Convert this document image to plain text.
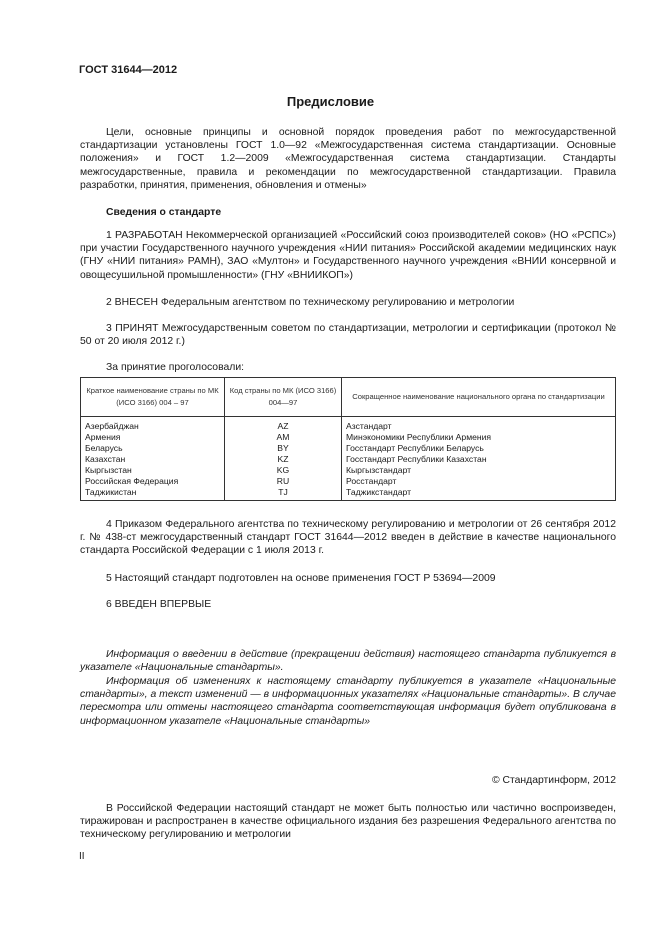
ГОСТ 31644—2012
Предисловие
Цели, основные принципы и основной порядок проведения работ по межгосударственной стандартизации установлены ГОСТ 1.0—92 «Межгосударственная система стандартизации. Основные положения» и ГОСТ 1.2—2009 «Межгосударственная система стандартизации. Стандарты межгосударственные, правила и рекомендации по межгосударственной стандартизации. Правила разработки, принятия, применения, обновления и отмены»
Сведения о стандарте
1 РАЗРАБОТАН Некоммерческой организацией «Российский союз производителей соков» (НО «РСПС») при участии Государственного научного учреждения «НИИ питания» Российской академии медицинских наук (ГНУ «НИИ питания» РАМН), ЗАО «Мултон» и Государственного научного учреждения «ВНИИ консервной и овощесушильной промышленности» (ГНУ «ВНИИКОП»)
2 ВНЕСЕН Федеральным агентством по техническому регулированию и метрологии
3 ПРИНЯТ Межгосударственным советом по стандартизации, метрологии и сертификации (протокол № 50 от 20 июля 2012 г.)
За принятие проголосовали:
Краткое наименование страны по МК (ИСО 3166) 004 – 97	Код страны по МК (ИСО 3166) 004—97	Сокращенное наименование национального органа по стандартизации
Азербайджан	AZ	Азстандарт
Армения	AM	Минэкономики Республики Армения
Беларусь	BY	Госстандарт Республики Беларусь
Казахстан	KZ	Госстандарт Республики Казахстан
Кыргызстан	KG	Кыргызстандарт
Российская Федерация	RU	Росстандарт
Таджикистан	TJ	Таджикстандарт
4 Приказом Федерального агентства по техническому регулированию и метрологии от 26 сентября 2012 г. № 438-ст межгосударственный стандарт ГОСТ 31644—2012 введен в действие в качестве национального стандарта Российской Федерации с 1 июля 2013 г.
5 Настоящий стандарт подготовлен на основе применения ГОСТ Р 53694—2009
6 ВВЕДЕН ВПЕРВЫЕ
Информация о введении в действие (прекращении действия) настоящего стандарта публикуется в указателе «Национальные стандарты».
Информация об изменениях к настоящему стандарту публикуется в указателе «Национальные стандарты», а текст изменений — в информационных указателях «Национальные стандарты». В случае пересмотра или отмены настоящего стандарта соответствующая информация будет опубликована в информационном указателе «Национальные стандарты»
© Стандартинформ, 2012
В Российской Федерации настоящий стандарт не может быть полностью или частично воспроизведен, тиражирован и распространен в качестве официального издания без разрешения Федерального агентства по техническому регулированию и метрологии
II
